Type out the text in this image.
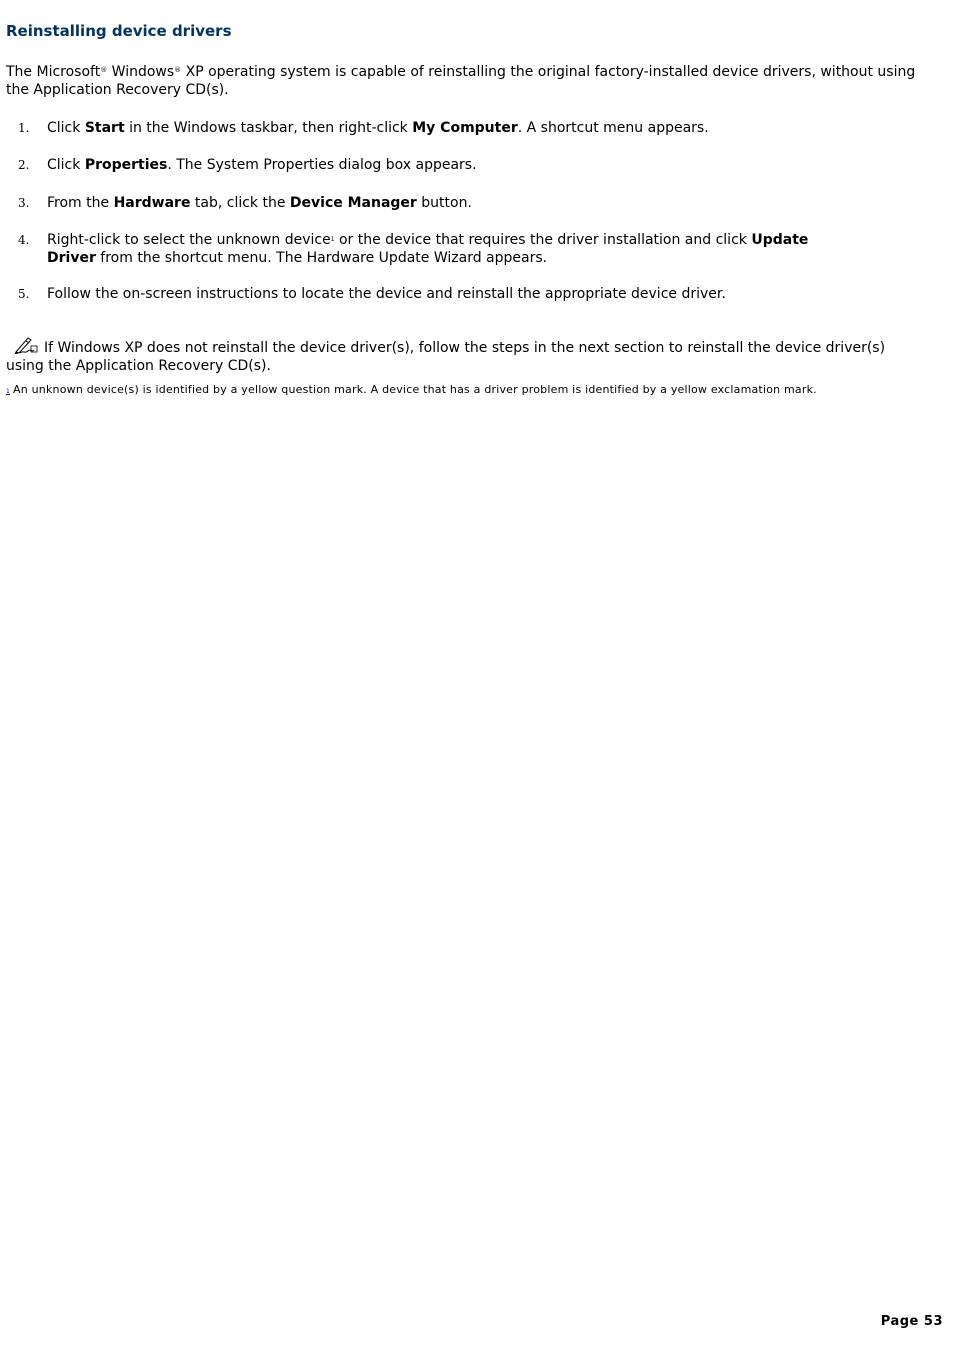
Reinstalling device drivers

The Microsoft® Windows® XP operating system is capable of reinstalling the original factory-installed device drivers, without using the Application Recovery CD(s).

1. Click Start in the Windows taskbar, then right-click My Computer. A shortcut menu appears.
2. Click Properties. The System Properties dialog box appears.
3. From the Hardware tab, click the Device Manager button.
4. Right-click to select the unknown device$^1$ or the device that requires the driver installation and click Update Driver from the shortcut menu. The Hardware Update Wizard appears.
5. Follow the on-screen instructions to locate the device and reinstall the appropriate device driver.

If Windows XP does not reinstall the device driver(s), follow the steps in the next section to reinstall the device driver(s) using the Application Recovery CD(s).

1 An unknown device(s) is identified by a yellow question mark. A device that has a driver problem is identified by a yellow exclamation mark.

Page 53
